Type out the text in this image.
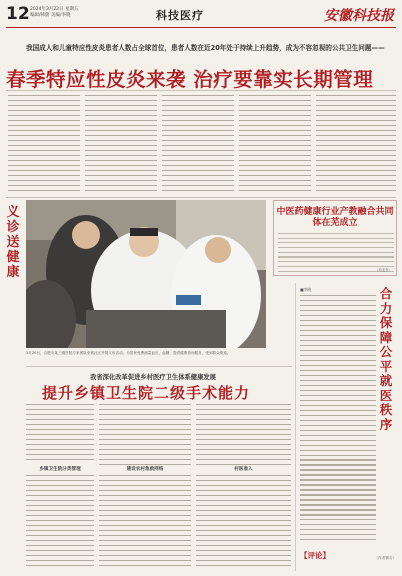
12 2024年3月22日 星期五
编辑/韩蔚 美编/李晓	科技医疗	安徽科技报
我国成人和儿童特应性皮炎患者人数占全球首位，患者人数在近20年处于持续上升趋势，成为不容忽视的公共卫生问题——
春季特应性皮炎来袭 治疗要靠实长期管理
义诊送健康
3月20日，合肥市某三级医院专家团队来到社区开展义诊活动，为居民免费测量血压、血糖，提供健康咨询服务，受到群众欢迎。
中医药健康行业产教融合共同体在芜成立
（刘亚东）
我省深化改革促进乡村医疗卫生体系健康发展
提升乡镇卫生院二级手术能力
乡镇卫生院分类管理	建设农村急救网络	村医准入
■李晓	合力保障公平就医秩序
【评论】	（作者署名）
